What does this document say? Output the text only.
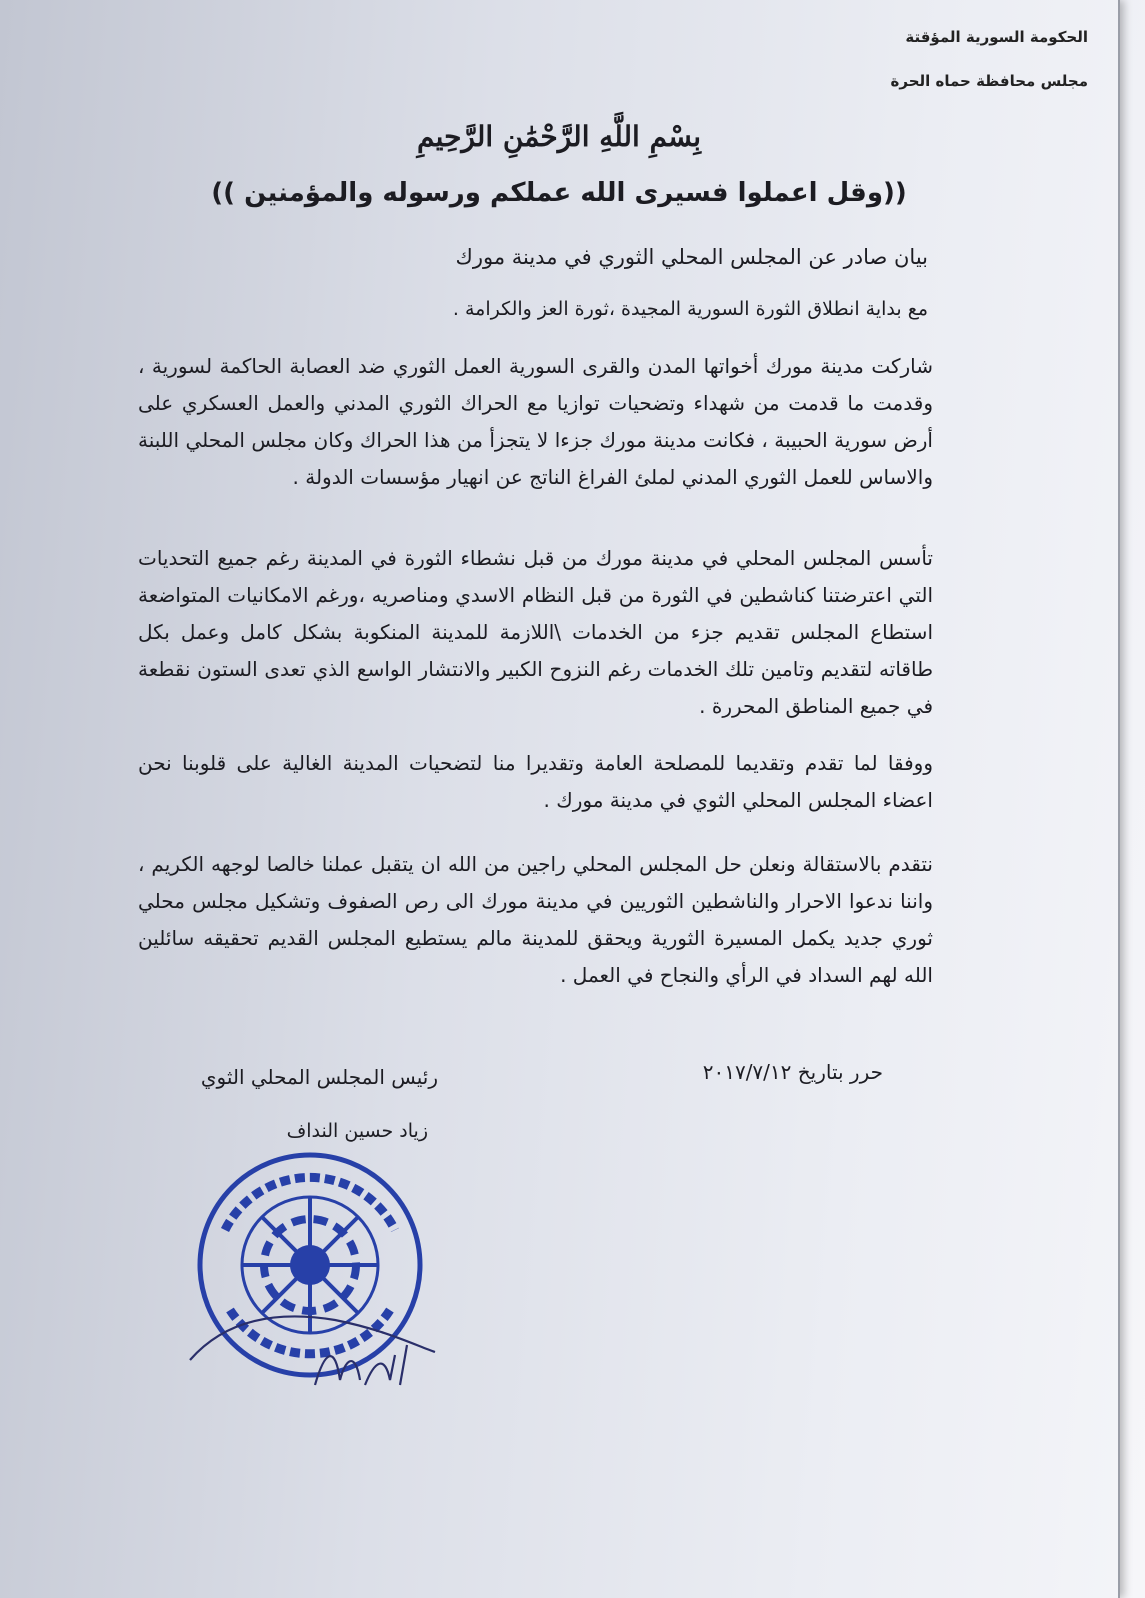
الحكومة السورية المؤقتة
مجلس محافظة حماه الحرة
بِسْمِ اللَّهِ الرَّحْمَٰنِ الرَّحِيمِ
((وقل اعملوا فسيرى الله عملكم ورسوله والمؤمنين ))
بيان صادر عن المجلس المحلي الثوري في مدينة مورك
مع بداية انطلاق الثورة السورية المجيدة ،ثورة العز والكرامة .
شاركت مدينة مورك أخواتها المدن والقرى السورية العمل الثوري ضد العصابة الحاكمة لسورية ، وقدمت ما قدمت من شهداء وتضحيات توازيا مع الحراك الثوري المدني والعمل العسكري على أرض سورية الحبيبة ، فكانت مدينة مورك جزءا لا يتجزأ من هذا الحراك وكان مجلس المحلي اللبنة والاساس للعمل الثوري المدني لملئ الفراغ الناتج عن انهيار مؤسسات الدولة .
تأسس المجلس المحلي في مدينة مورك من قبل نشطاء الثورة في المدينة رغم جميع التحديات التي اعترضتنا كناشطين في الثورة من قبل النظام الاسدي ومناصريه ،ورغم الامكانيات المتواضعة استطاع المجلس تقديم جزء من الخدمات \اللازمة للمدينة المنكوبة بشكل كامل وعمل بكل طاقاته لتقديم وتامين تلك الخدمات رغم النزوح الكبير والانتشار الواسع الذي تعدى الستون نقطعة في جميع المناطق المحررة .
ووفقا لما تقدم وتقديما للمصلحة العامة وتقديرا منا لتضحيات المدينة الغالية على قلوبنا نحن اعضاء المجلس المحلي الثوي في مدينة مورك .
نتقدم بالاستقالة ونعلن حل المجلس المحلي راجين من الله ان يتقبل عملنا خالصا لوجهه الكريم ، واننا ندعوا الاحرار والناشطين الثوريين في مدينة مورك الى رص الصفوف وتشكيل مجلس محلي ثوري جديد يكمل المسيرة الثورية ويحقق للمدينة مالم يستطيع المجلس القديم تحقيقه سائلين الله لهم السداد في الرأي والنجاح في العمل .
حرر بتاريخ ٢٠١٧/٧/١٢
رئيس المجلس المحلي الثوي
زياد حسين النداف
